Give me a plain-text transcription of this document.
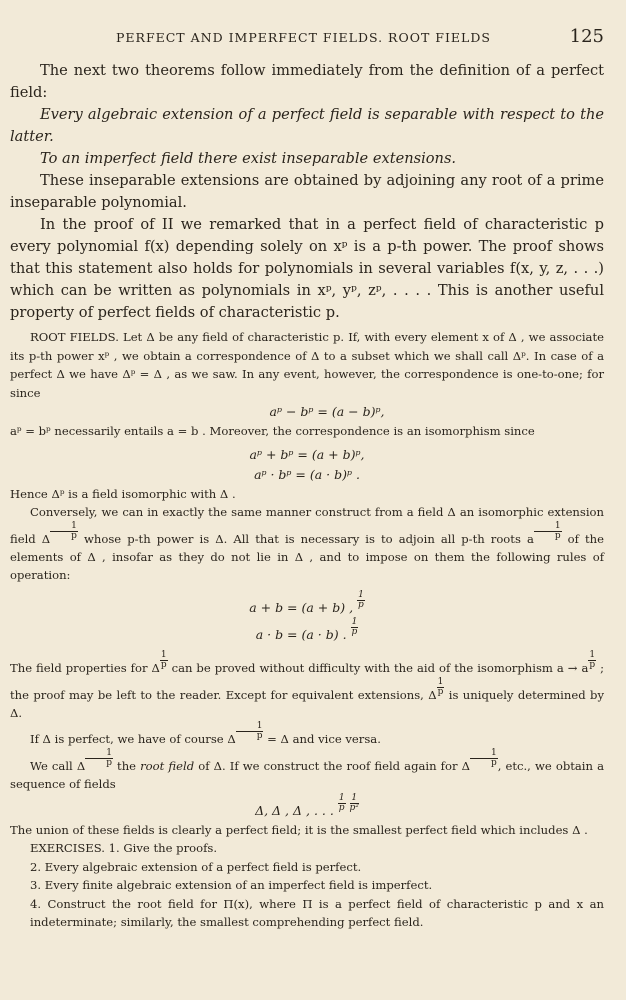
PERFECT AND IMPERFECT FIELDS. ROOT FIELDS	125

The next two theorems follow immediately from the definition of a perfect field:

Every algebraic extension of a perfect field is separable with respect to the latter.

To an imperfect field there exist inseparable extensions.

These inseparable extensions are obtained by adjoining any root of a prime inseparable polynomial.

In the proof of II we remarked that in a perfect field of characteristic p every polynomial f(x) depending solely on xᵖ is a p-th power. The proof shows that this statement also holds for polynomials in several variables f(x, y, z, . . .) which can be written as polynomials in xᵖ, yᵖ, zᵖ, . . . . This is another useful property of perfect fields of characteristic p.

ROOT FIELDS. Let Δ be any field of characteristic p. If, with every element x of Δ , we associate its p-th power xᵖ , we obtain a correspondence of Δ to a subset which we shall call Δᵖ. In case of a perfect Δ we have Δᵖ = Δ , as we saw. In any event, however, the correspondence is one-to-one; for since

aᵖ − bᵖ = (a − b)ᵖ,

aᵖ = bᵖ necessarily entails a = b . Moreover, the correspondence is an isomorphism since

aᵖ + bᵖ = (a + b)ᵖ,

aᵖ · bᵖ = (a · b)ᵖ .

Hence Δᵖ is a field isomorphic with Δ .

Conversely, we can in exactly the same manner construct from a field Δ an isomorphic extension field Δ $\frac{1}{p}$ whose p-th power is Δ. All that is necessary is to adjoin all p-th roots a $\frac{1}{p}$ of the elements of Δ , insofar as they do not lie in Δ , and to impose on them the following rules of operation:

a + b = (a + b) , $\frac{1}{p}$

a · b = (a · b) . $\frac{1}{p}$

The field properties for Δ $\frac{1}{p}$ can be proved without difficulty with the aid of the isomorphism a → a $\frac{1}{p}$ ; the proof may be left to the reader. Except for equivalent extensions, Δ $\frac{1}{p}$ is uniquely determined by Δ.

If Δ is perfect, we have of course Δ $\frac{1}{p} = \Delta$ and vice versa.

We call Δ $\frac{1}{p}$ the root field of Δ. If we construct the roof field again for Δ $\frac{1}{p}$ , etc., we obtain a sequence of fields

Δ, Δ , Δ , . . . $\frac{1}{p}$
$\frac{1}{\text{p²}}$

The union of these fields is clearly a perfect field; it is the smallest perfect field which includes Δ .

EXERCISES. 1. Give the proofs.

2. Every algebraic extension of a perfect field is perfect.

3. Every finite algebraic extension of an imperfect field is imperfect.

4. Construct the root field for Π(x), where Π is a perfect field of characteristic p and x an indeterminate; similarly, the smallest comprehending perfect field.
